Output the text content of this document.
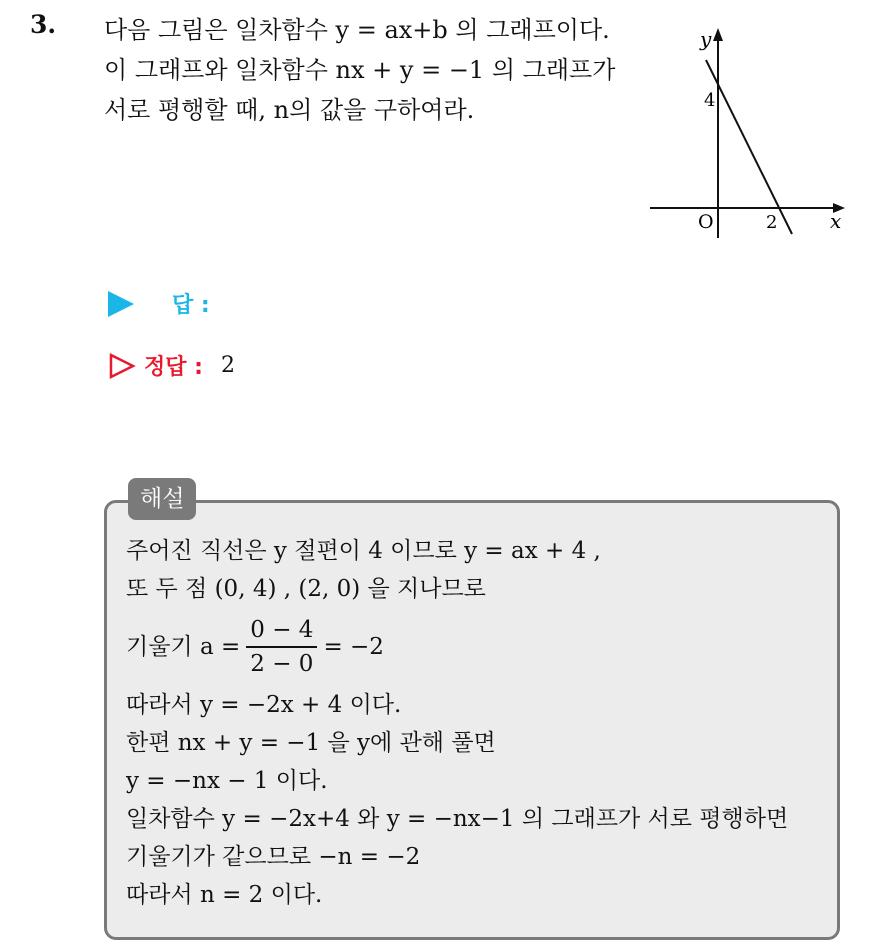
3. 다음 그림은 일차함수 y = ax+b 의 그래프이다.
이 그래프와 일차함수 nx + y = −1 의 그래프가
서로 평행할 때, n의 값을 구하여라.
y
x
O
4
2
답 :
정답 : 2
해설
주어진 직선은 y 절편이 4 이므로 y = ax + 4 ,
또 두 점 (0, 4) , (2, 0) 을 지나므로
기울기 $a = \frac{0 - 4}{2 - 0} = -2$
따라서 y = −2x + 4 이다.
한편 nx + y = −1 을 y에 관해 풀면
y = −nx − 1 이다.
일차함수 y = −2x+4 와 y = −nx−1 의 그래프가 서로 평행하면
기울기가 같으므로 −n = −2
따라서 n = 2 이다.
